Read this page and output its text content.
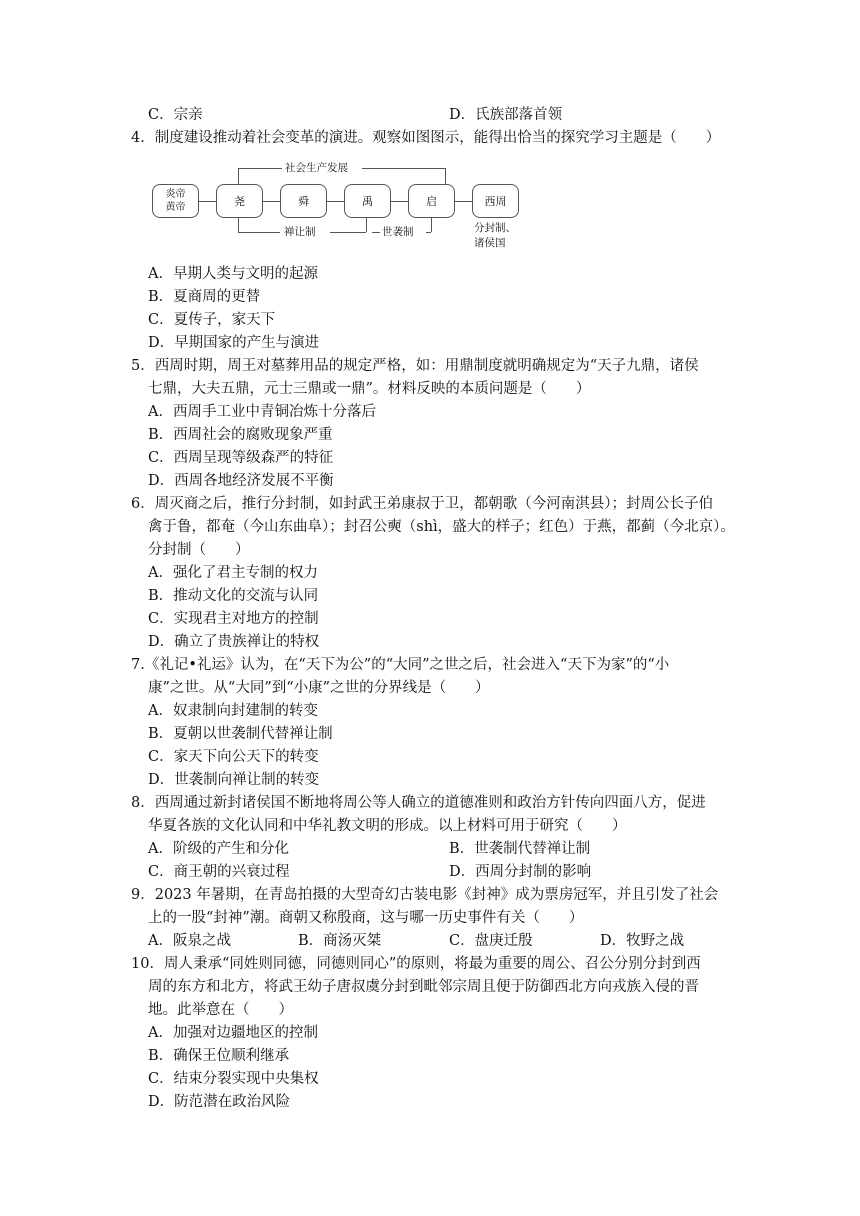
C．宗亲	D．氏族部落首领
4．制度建设推动着社会变革的演进。观察如图图示，能得出恰当的探究学习主题是（　　）
社会生产发展
炎帝
黄帝	尧	舜	禹	启	西周
禅让制	世袭制	分封制、
诸侯国
A．早期人类与文明的起源
B．夏商周的更替
C．夏传子，家天下
D．早期国家的产生与演进
5．西周时期，周王对墓葬用品的规定严格，如：用鼎制度就明确规定为“天子九鼎，诸侯
七鼎，大夫五鼎，元士三鼎或一鼎”。材料反映的本质问题是（　　）
A．西周手工业中青铜冶炼十分落后
B．西周社会的腐败现象严重
C．西周呈现等级森严的特征
D．西周各地经济发展不平衡
6．周灭商之后，推行分封制，如封武王弟康叔于卫，都朝歌（今河南淇县）；封周公长子伯
禽于鲁，都奄（今山东曲阜）；封召公奭（shì，盛大的样子；红色）于燕，都蓟（今北京）。
分封制（　　）
A．强化了君主专制的权力
B．推动文化的交流与认同
C．实现君主对地方的控制
D．确立了贵族禅让的特权
7.《礼记•礼运》认为，在“天下为公”的“大同”之世之后，社会进入“天下为家”的“小
康”之世。从“大同”到“小康”之世的分界线是（　　）
A．奴隶制向封建制的转变
B．夏朝以世袭制代替禅让制
C．家天下向公天下的转变
D．世袭制向禅让制的转变
8．西周通过新封诸侯国不断地将周公等人确立的道德准则和政治方针传向四面八方，促进
华夏各族的文化认同和中华礼教文明的形成。以上材料可用于研究（　　）
A．阶级的产生和分化	B．世袭制代替禅让制
C．商王朝的兴衰过程	D．西周分封制的影响
9．2023 年暑期，在青岛拍摄的大型奇幻古装电影《封神》成为票房冠军，并且引发了社会
上的一股“封神”潮。商朝又称殷商，这与哪一历史事件有关（　　）
A．阪泉之战	B．商汤灭桀	C．盘庚迁殷	D．牧野之战
10．周人秉承“同姓则同德，同德则同心”的原则，将最为重要的周公、召公分别分封到西
周的东方和北方，将武王幼子唐叔虞分封到毗邻宗周且便于防御西北方向戎族入侵的晋
地。此举意在（　　）
A．加强对边疆地区的控制
B．确保王位顺利继承
C．结束分裂实现中央集权
D．防范潜在政治风险
